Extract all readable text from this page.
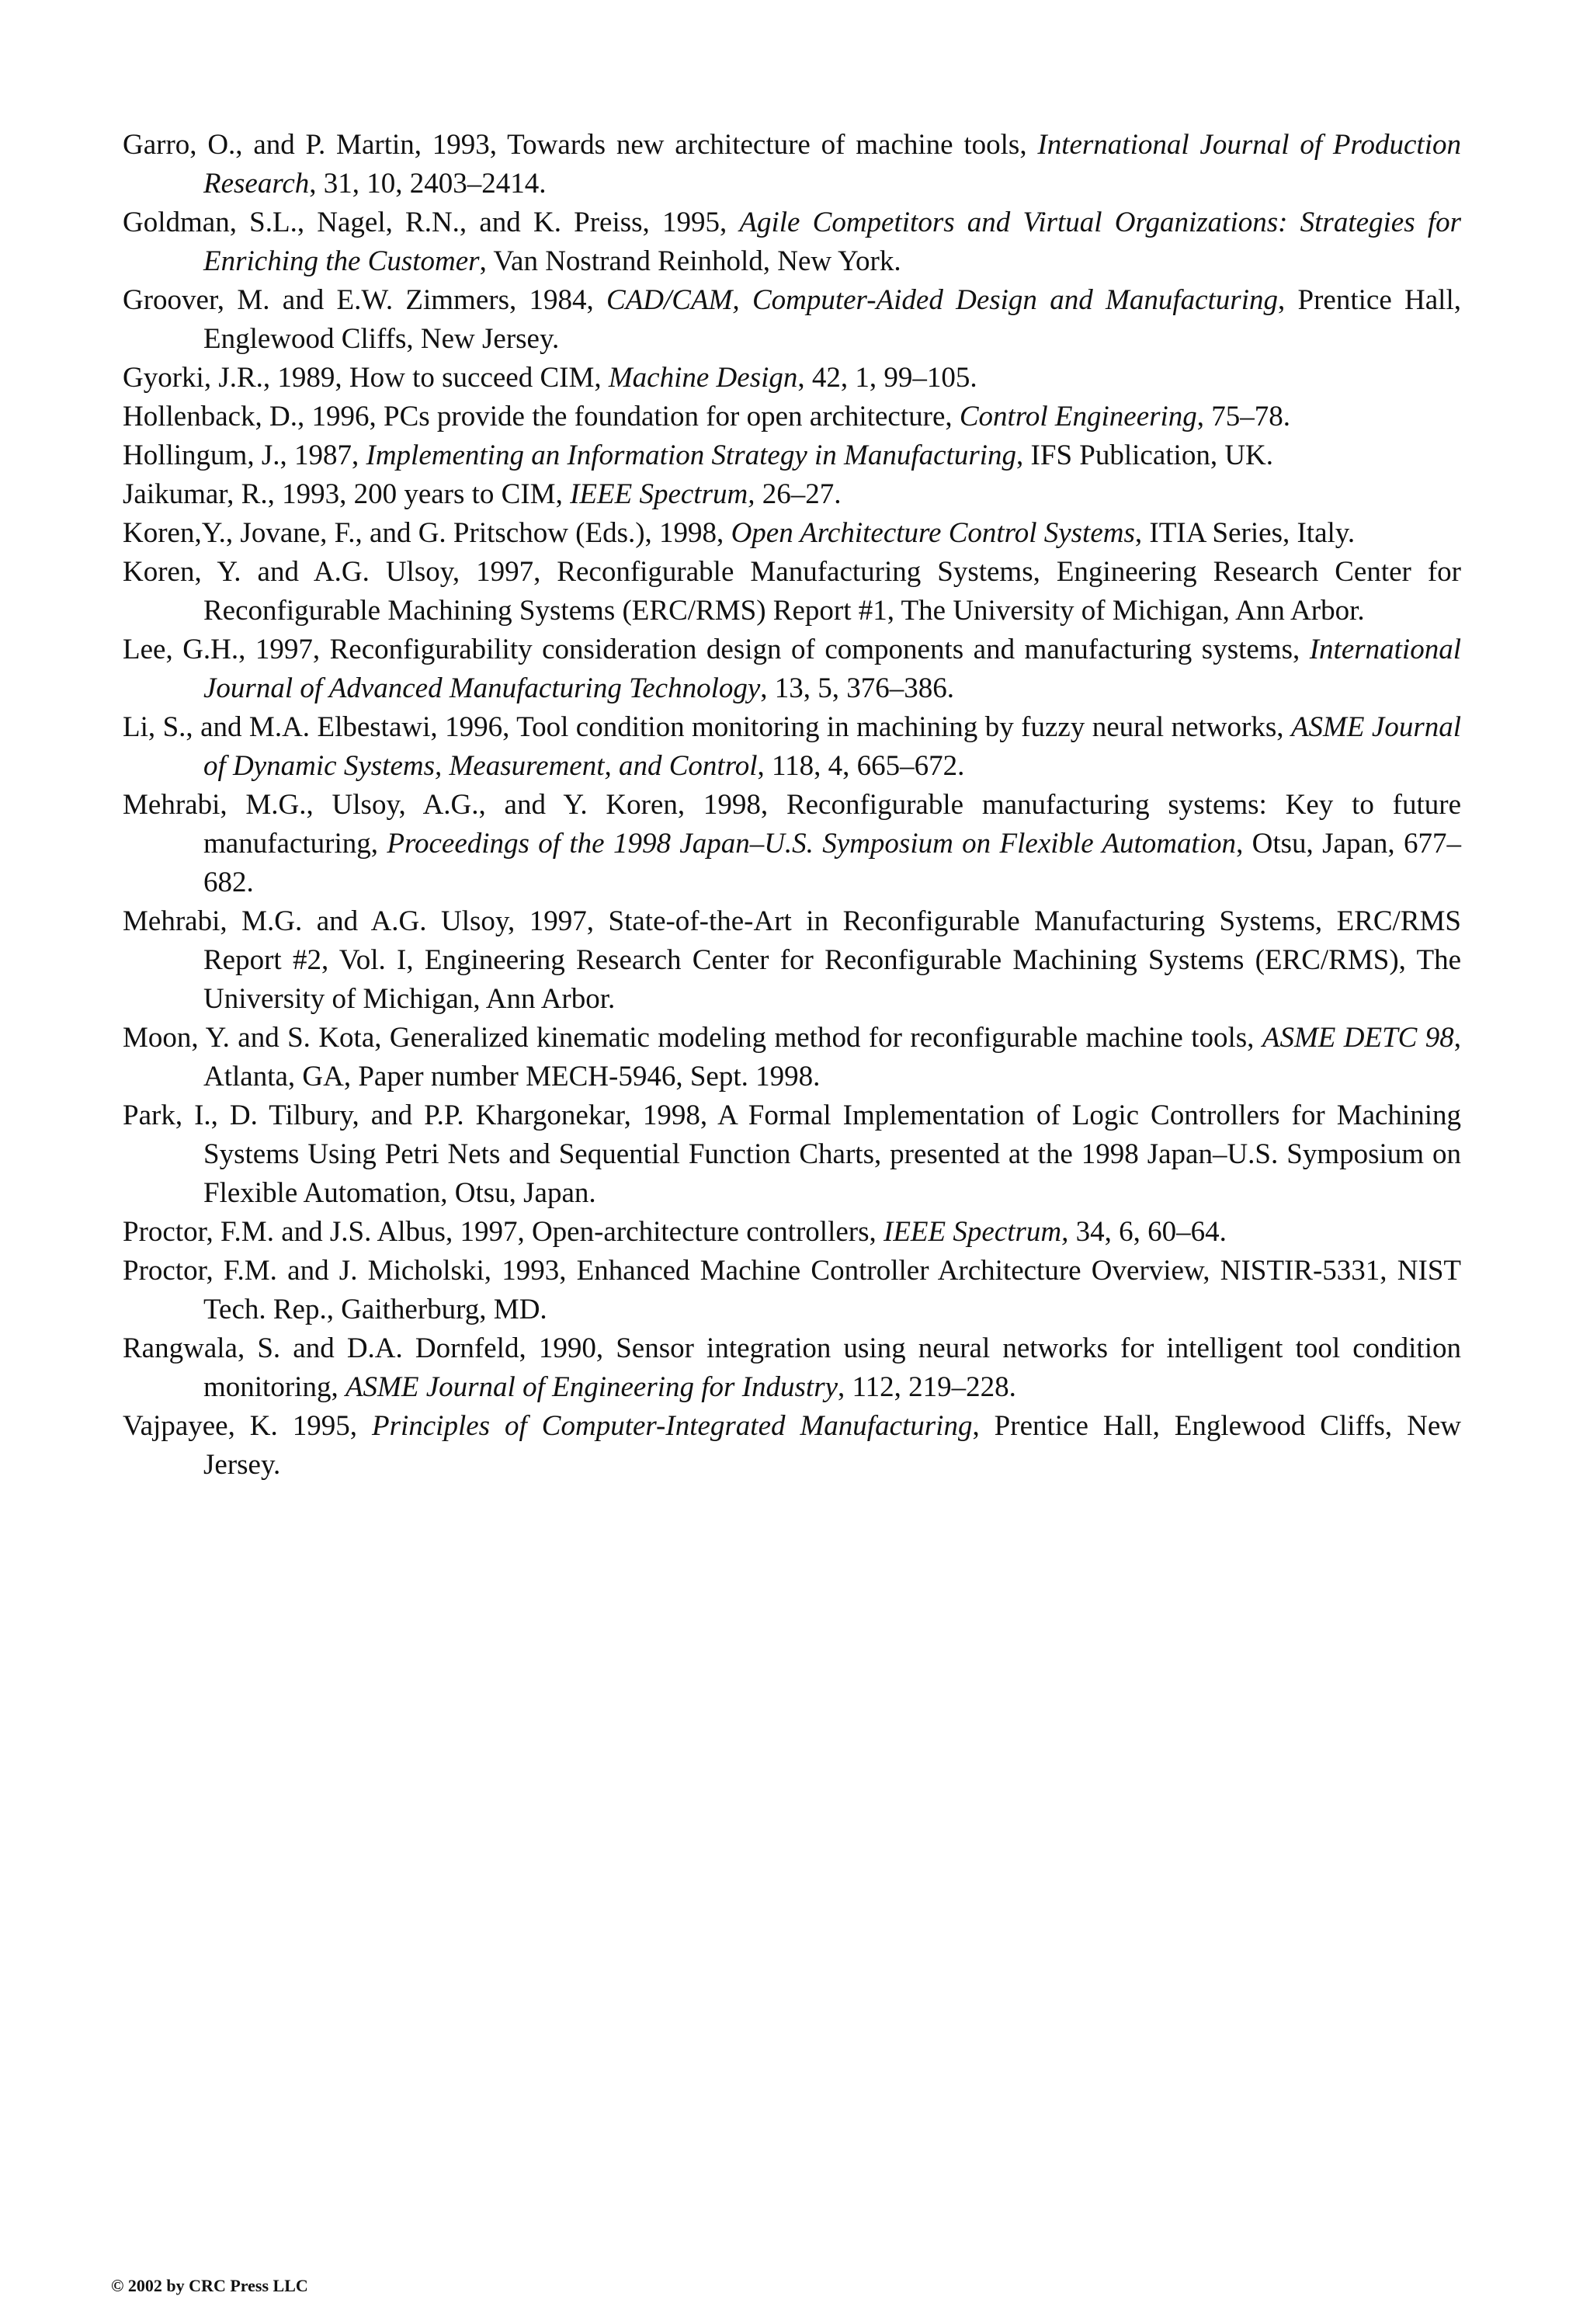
Garro, O., and P. Martin, 1993, Towards new architecture of machine tools, International Journal of Production Research, 31, 10, 2403–2414.
Goldman, S.L., Nagel, R.N., and K. Preiss, 1995, Agile Competitors and Virtual Organizations: Strategies for Enriching the Customer, Van Nostrand Reinhold, New York.
Groover, M. and E.W. Zimmers, 1984, CAD/CAM, Computer-Aided Design and Manufacturing, Prentice Hall, Englewood Cliffs, New Jersey.
Gyorki, J.R., 1989, How to succeed CIM, Machine Design, 42, 1, 99–105.
Hollenback, D., 1996, PCs provide the foundation for open architecture, Control Engineering, 75–78.
Hollingum, J., 1987, Implementing an Information Strategy in Manufacturing, IFS Publication, UK.
Jaikumar, R., 1993, 200 years to CIM, IEEE Spectrum, 26–27.
Koren,Y., Jovane, F., and G. Pritschow (Eds.), 1998, Open Architecture Control Systems, ITIA Series, Italy.
Koren, Y. and A.G. Ulsoy, 1997, Reconfigurable Manufacturing Systems, Engineering Research Center for Reconfigurable Machining Systems (ERC/RMS) Report #1, The University of Michigan, Ann Arbor.
Lee, G.H., 1997, Reconfigurability consideration design of components and manufacturing systems, International Journal of Advanced Manufacturing Technology, 13, 5, 376–386.
Li, S., and M.A. Elbestawi, 1996, Tool condition monitoring in machining by fuzzy neural networks, ASME Journal of Dynamic Systems, Measurement, and Control, 118, 4, 665–672.
Mehrabi, M.G., Ulsoy, A.G., and Y. Koren, 1998, Reconfigurable manufacturing systems: Key to future manufacturing, Proceedings of the 1998 Japan–U.S. Symposium on Flexible Automation, Otsu, Japan, 677–682.
Mehrabi, M.G. and A.G. Ulsoy, 1997, State-of-the-Art in Reconfigurable Manufacturing Systems, ERC/RMS Report #2, Vol. I, Engineering Research Center for Reconfigurable Machining Systems (ERC/RMS), The University of Michigan, Ann Arbor.
Moon, Y. and S. Kota, Generalized kinematic modeling method for reconfigurable machine tools, ASME DETC 98, Atlanta, GA, Paper number MECH-5946, Sept. 1998.
Park, I., D. Tilbury, and P.P. Khargonekar, 1998, A Formal Implementation of Logic Controllers for Machining Systems Using Petri Nets and Sequential Function Charts, presented at the 1998 Japan–U.S. Symposium on Flexible Automation, Otsu, Japan.
Proctor, F.M. and J.S. Albus, 1997, Open-architecture controllers, IEEE Spectrum, 34, 6, 60–64.
Proctor, F.M. and J. Micholski, 1993, Enhanced Machine Controller Architecture Overview, NISTIR-5331, NIST Tech. Rep., Gaitherburg, MD.
Rangwala, S. and D.A. Dornfeld, 1990, Sensor integration using neural networks for intelligent tool condition monitoring, ASME Journal of Engineering for Industry, 112, 219–228.
Vajpayee, K. 1995, Principles of Computer-Integrated Manufacturing, Prentice Hall, Englewood Cliffs, New Jersey.
© 2002 by CRC Press LLC
